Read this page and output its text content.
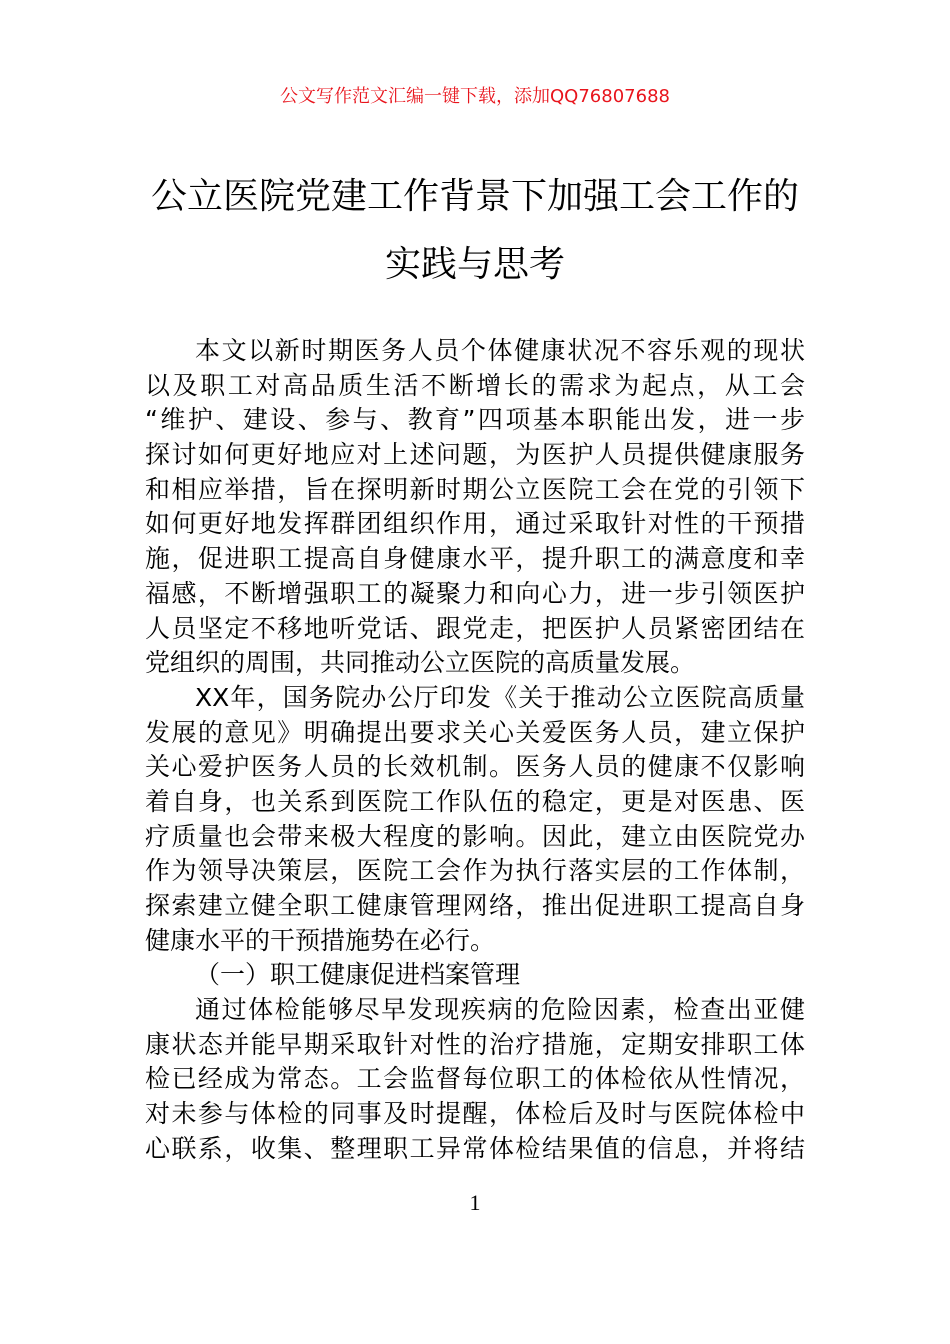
公文写作范文汇编一键下载，添加QQ76807688
公立医院党建工作背景下加强工会工作的
实践与思考
本文以新时期医务人员个体健康状况不容乐观的现状
以及职工对高品质生活不断增长的需求为起点，从工会
“维护、建设、参与、教育”四项基本职能出发，进一步
探讨如何更好地应对上述问题，为医护人员提供健康服务
和相应举措，旨在探明新时期公立医院工会在党的引领下
如何更好地发挥群团组织作用，通过采取针对性的干预措
施，促进职工提高自身健康水平，提升职工的满意度和幸
福感，不断增强职工的凝聚力和向心力，进一步引领医护
人员坚定不移地听党话、跟党走，把医护人员紧密团结在
党组织的周围，共同推动公立医院的高质量发展。
XX年，国务院办公厅印发《关于推动公立医院高质量
发展的意见》明确提出要求关心关爱医务人员，建立保护
关心爱护医务人员的长效机制。医务人员的健康不仅影响
着自身，也关系到医院工作队伍的稳定，更是对医患、医
疗质量也会带来极大程度的影响。因此，建立由医院党办
作为领导决策层，医院工会作为执行落实层的工作体制，
探索建立健全职工健康管理网络，推出促进职工提高自身
健康水平的干预措施势在必行。
（一）职工健康促进档案管理
通过体检能够尽早发现疾病的危险因素，检查出亚健
康状态并能早期采取针对性的治疗措施，定期安排职工体
检已经成为常态。工会监督每位职工的体检依从性情况，
对未参与体检的同事及时提醒，体检后及时与医院体检中
心联系，收集、整理职工异常体检结果值的信息，并将结
1
